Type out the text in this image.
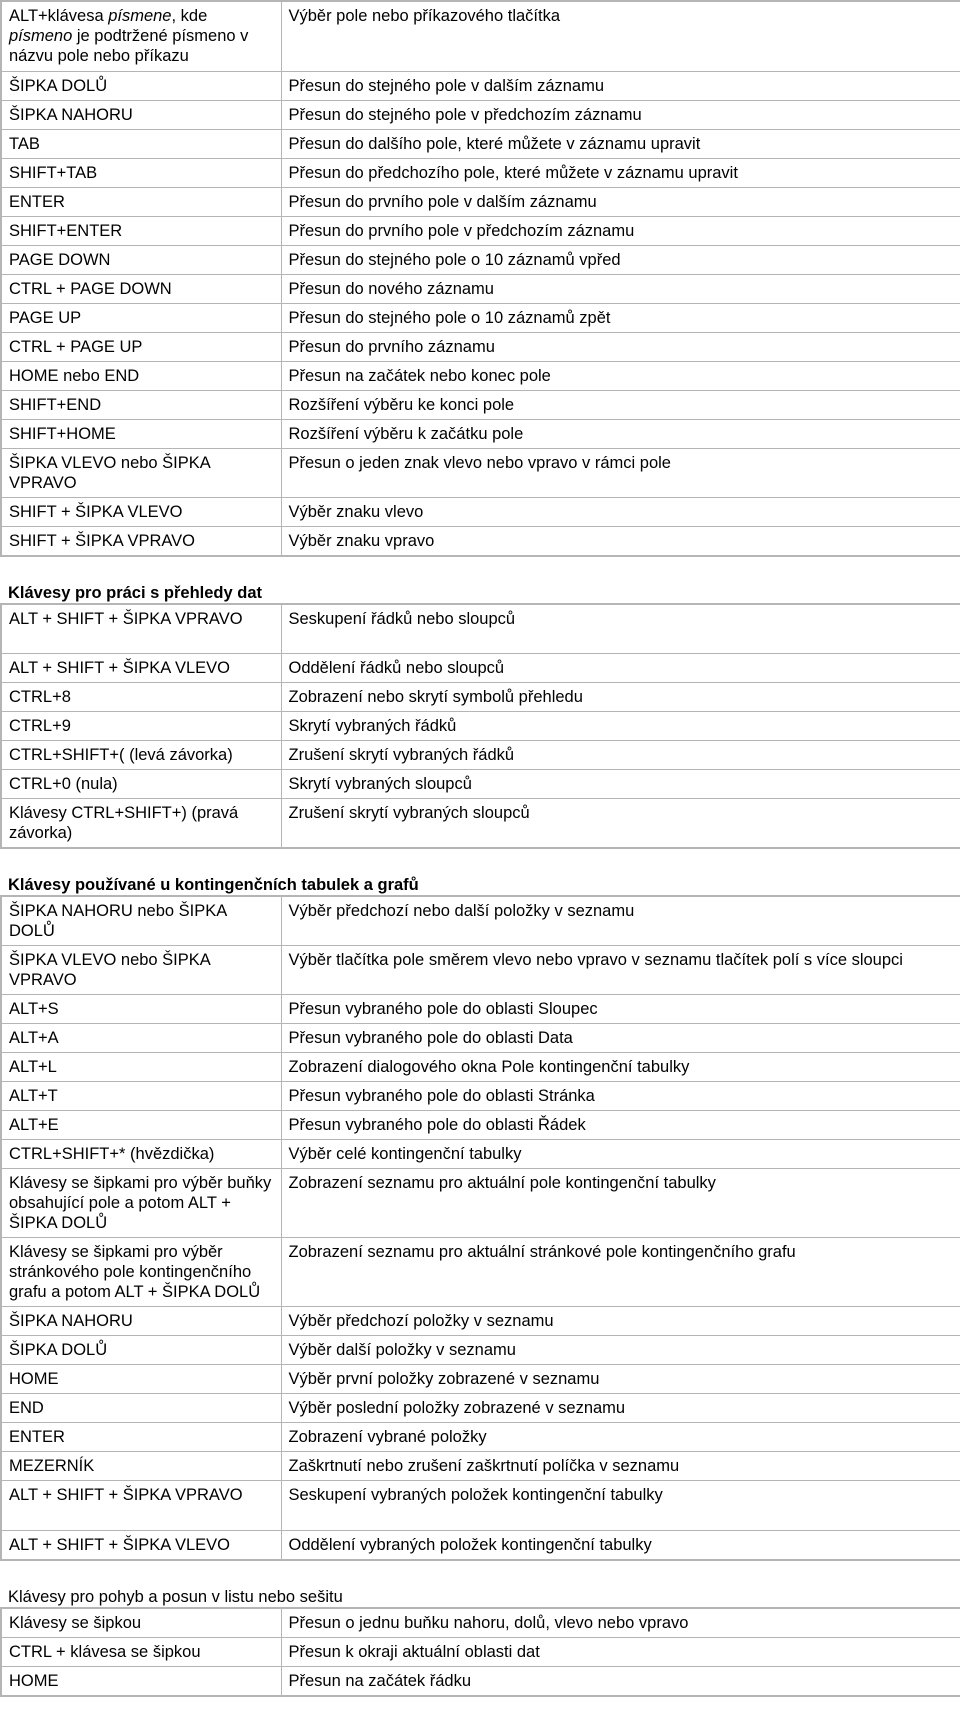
ALT+klávesa písmene, kde písmeno je podtržené písmeno v názvu pole nebo příkazu	Výběr pole nebo příkazového tlačítka
ŠIPKA DOLŮ	Přesun do stejného pole v dalším záznamu
ŠIPKA NAHORU	Přesun do stejného pole v předchozím záznamu
TAB	Přesun do dalšího pole, které můžete v záznamu upravit
SHIFT+TAB	Přesun do předchozího pole, které můžete v záznamu upravit
ENTER	Přesun do prvního pole v dalším záznamu
SHIFT+ENTER	Přesun do prvního pole v předchozím záznamu
PAGE DOWN	Přesun do stejného pole o 10 záznamů vpřed
CTRL + PAGE DOWN	Přesun do nového záznamu
PAGE UP	Přesun do stejného pole o 10 záznamů zpět
CTRL + PAGE UP	Přesun do prvního záznamu
HOME nebo END	Přesun na začátek nebo konec pole
SHIFT+END	Rozšíření výběru ke konci pole
SHIFT+HOME	Rozšíření výběru k začátku pole
ŠIPKA VLEVO nebo ŠIPKA VPRAVO	Přesun o jeden znak vlevo nebo vpravo v rámci pole
SHIFT + ŠIPKA VLEVO	Výběr znaku vlevo
SHIFT + ŠIPKA VPRAVO	Výběr znaku vpravo
Klávesy pro práci s přehledy dat
ALT + SHIFT + ŠIPKA VPRAVO	Seskupení řádků nebo sloupců
ALT + SHIFT + ŠIPKA VLEVO	Oddělení řádků nebo sloupců
CTRL+8	Zobrazení nebo skrytí symbolů přehledu
CTRL+9	Skrytí vybraných řádků
CTRL+SHIFT+( (levá závorka)	Zrušení skrytí vybraných řádků
CTRL+0 (nula)	Skrytí vybraných sloupců
Klávesy CTRL+SHIFT+) (pravá závorka)	Zrušení skrytí vybraných sloupců
Klávesy používané u kontingenčních tabulek a grafů
ŠIPKA NAHORU nebo ŠIPKA DOLŮ	Výběr předchozí nebo další položky v seznamu
ŠIPKA VLEVO nebo ŠIPKA VPRAVO	Výběr tlačítka pole směrem vlevo nebo vpravo v seznamu tlačítek polí s více sloupci
ALT+S	Přesun vybraného pole do oblasti Sloupec
ALT+A	Přesun vybraného pole do oblasti Data
ALT+L	Zobrazení dialogového okna Pole kontingenční tabulky
ALT+T	Přesun vybraného pole do oblasti Stránka
ALT+E	Přesun vybraného pole do oblasti Řádek
CTRL+SHIFT+* (hvězdička)	Výběr celé kontingenční tabulky
Klávesy se šipkami pro výběr buňky obsahující pole a potom ALT + ŠIPKA DOLŮ	Zobrazení seznamu pro aktuální pole kontingenční tabulky
Klávesy se šipkami pro výběr stránkového pole kontingenčního grafu a potom ALT + ŠIPKA DOLŮ	Zobrazení seznamu pro aktuální stránkové pole kontingenčního grafu
ŠIPKA NAHORU	Výběr předchozí položky v seznamu
ŠIPKA DOLŮ	Výběr další položky v seznamu
HOME	Výběr první položky zobrazené v seznamu
END	Výběr poslední položky zobrazené v seznamu
ENTER	Zobrazení vybrané položky
MEZERNÍK	Zaškrtnutí nebo zrušení zaškrtnutí políčka v seznamu
ALT + SHIFT + ŠIPKA VPRAVO	Seskupení vybraných položek kontingenční tabulky
ALT + SHIFT + ŠIPKA VLEVO	Oddělení vybraných položek kontingenční tabulky
Klávesy pro pohyb a posun v listu nebo sešitu
Klávesy se šipkou	Přesun o jednu buňku nahoru, dolů, vlevo nebo vpravo
CTRL + klávesa se šipkou	Přesun k okraji aktuální oblasti dat
HOME	Přesun na začátek řádku
